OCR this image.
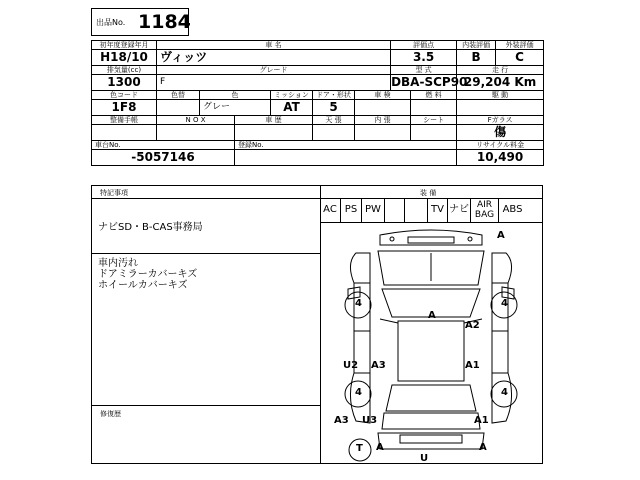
出品No. 1184
初年度登録年月	車 名						評価点		内装評価	外装評価
H18/10	ヴィッツ						3.5		B	C
排気量(cc)	グレード						型 式		走 行	
1300	F						DBA-SCP90		29,204 Km	
色コード	色替	色		ミッション	ドア・形状	車 検		燃 料	駆 動	
1F8		グレー		AT	5					
整備手帳	N O X		車 歴		天 張	内 張		シート	Fガラス	
									傷	
車台No.			登録No.						リサイクル料金	
-5057146									10,490	
特記事項
ナビSD・B-CAS事務局
車内汚れ
ドアミラーカバーキズ
ホイールカバーキズ
修復歴
装 備
AC PS PW	TV ナビ AIR BAG ABS
A
A
A2
U2 A3	A1
A3 U3	A1
A	A
U
4	4
4	4
T
